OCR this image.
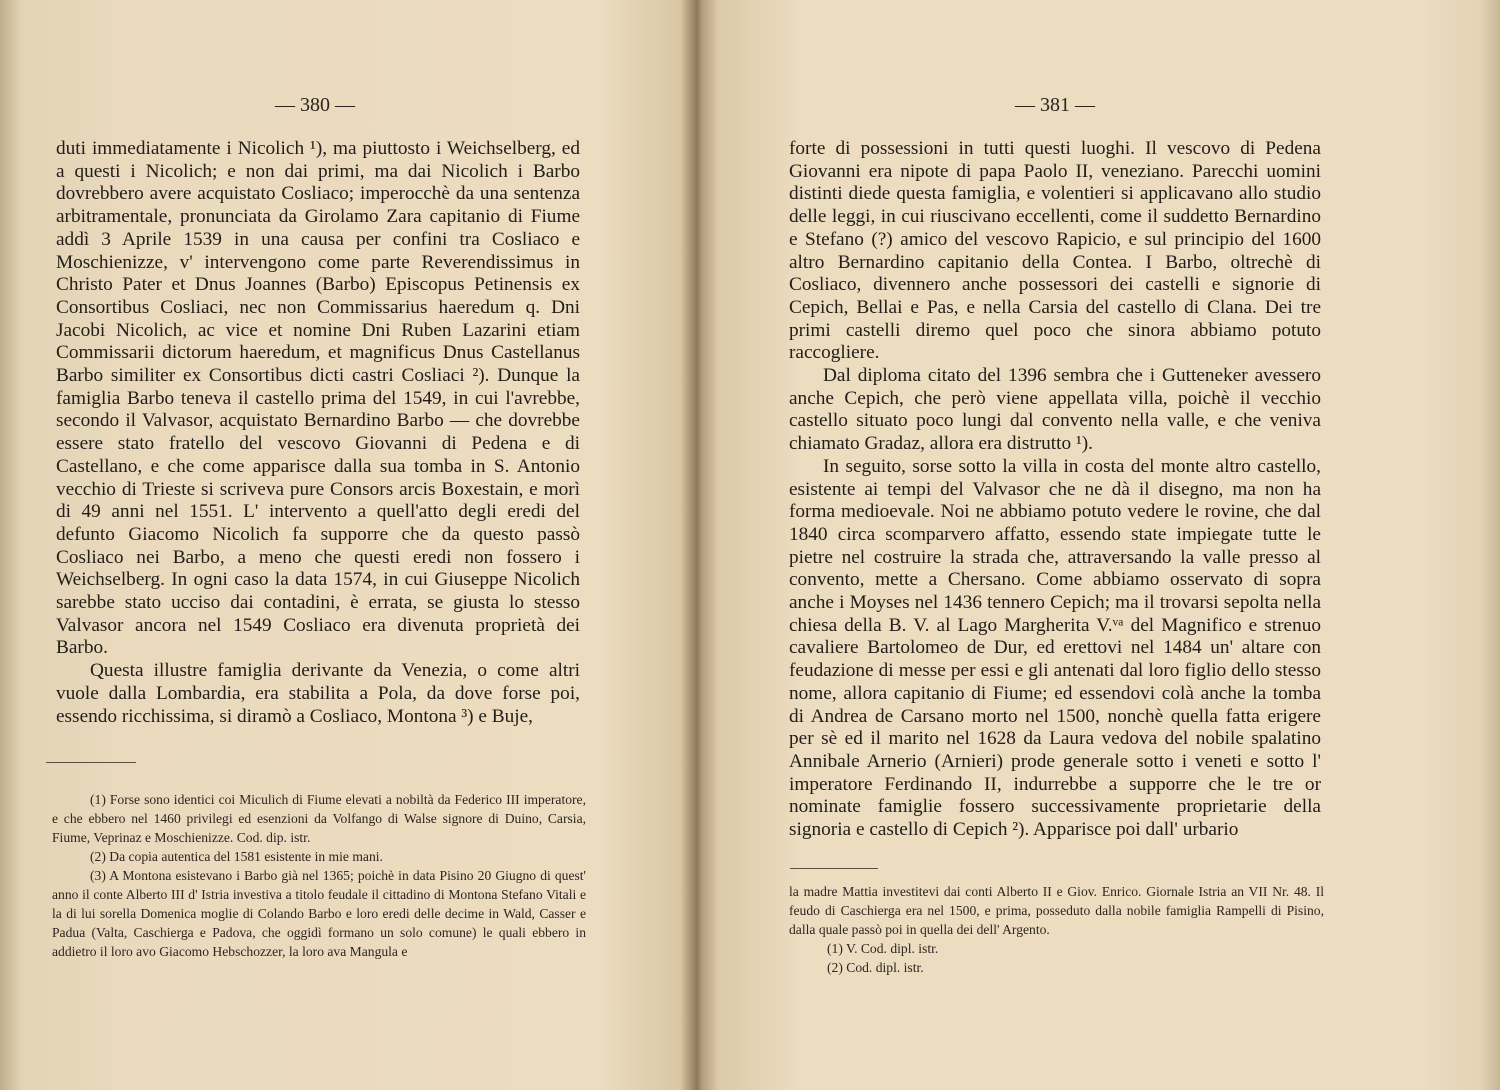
— 380 —

duti immediatamente i Nicolich ¹), ma piuttosto i Weichselberg, ed a questi i Nicolich; e non dai primi, ma dai Nicolich i Barbo dovrebbero avere acquistato Cosliaco; imperocchè da una sentenza arbitramentale, pronunciata da Girolamo Zara capitanio di Fiume addì 3 Aprile 1539 in una causa per confini tra Cosliaco e Moschienizze, v' intervengono come parte Reverendissimus in Christo Pater et Dnus Joannes (Barbo) Episcopus Petinensis ex Consortibus Cosliaci, nec non Commissarius haeredum q. Dni Jacobi Nicolich, ac vice et nomine Dni Ruben Lazarini etiam Commissarii dictorum haeredum, et magnificus Dnus Castellanus Barbo similiter ex Consortibus dicti castri Cosliaci ²). Dunque la famiglia Barbo teneva il castello prima del 1549, in cui l'avrebbe, secondo il Valvasor, acquistato Bernardino Barbo — che dovrebbe essere stato fratello del vescovo Giovanni di Pedena e di Castellano, e che come apparisce dalla sua tomba in S. Antonio vecchio di Trieste si scriveva pure Consors arcis Boxestain, e morì di 49 anni nel 1551. L' intervento a quell'atto degli eredi del defunto Giacomo Nicolich fa supporre che da questo passò Cosliaco nei Barbo, a meno che questi eredi non fossero i Weichselberg. In ogni caso la data 1574, in cui Giuseppe Nicolich sarebbe stato ucciso dai contadini, è errata, se giusta lo stesso Valvasor ancora nel 1549 Cosliaco era divenuta proprietà dei Barbo.

Questa illustre famiglia derivante da Venezia, o come altri vuole dalla Lombardia, era stabilita a Pola, da dove forse poi, essendo ricchissima, si diramò a Cosliaco, Montona ³) e Buje,

(1) Forse sono identici coi Miculich di Fiume elevati a nobiltà da Federico III imperatore, e che ebbero nel 1460 privilegi ed esenzioni da Volfango di Walse signore di Duino, Carsia, Fiume, Veprinaz e Moschienizze. Cod. dip. istr.

(2) Da copia autentica del 1581 esistente in mie mani.

(3) A Montona esistevano i Barbo già nel 1365; poichè in data Pisino 20 Giugno di quest' anno il conte Alberto III d' Istria investiva a titolo feudale il cittadino di Montona Stefano Vitali e la di lui sorella Domenica moglie di Colando Barbo e loro eredi delle decime in Wald, Casser e Padua (Valta, Caschierga e Padova, che oggidì formano un solo comune) le quali ebbero in addietro il loro avo Giacomo Hebschozzer, la loro ava Mangula e

— 381 —

forte di possessioni in tutti questi luoghi. Il vescovo di Pedena Giovanni era nipote di papa Paolo II, veneziano. Parecchi uomini distinti diede questa famiglia, e volentieri si applicavano allo studio delle leggi, in cui riuscivano eccellenti, come il suddetto Bernardino e Stefano (?) amico del vescovo Rapicio, e sul principio del 1600 altro Bernardino capitanio della Contea. I Barbo, oltrechè di Cosliaco, divennero anche possessori dei castelli e signorie di Cepich, Bellai e Pas, e nella Carsia del castello di Clana. Dei tre primi castelli diremo quel poco che sinora abbiamo potuto raccogliere.

Dal diploma citato del 1396 sembra che i Gutteneker avessero anche Cepich, che però viene appellata villa, poichè il vecchio castello situato poco lungi dal convento nella valle, e che veniva chiamato Gradaz, allora era distrutto ¹).

In seguito, sorse sotto la villa in costa del monte altro castello, esistente ai tempi del Valvasor che ne dà il disegno, ma non ha forma medioevale. Noi ne abbiamo potuto vedere le rovine, che dal 1840 circa scomparvero affatto, essendo state impiegate tutte le pietre nel costruire la strada che, attraversando la valle presso al convento, mette a Chersano. Come abbiamo osservato di sopra anche i Moyses nel 1436 tennero Cepich; ma il trovarsi sepolta nella chiesa della B. V. al Lago Margherita V.ᵛᵃ del Magnifico e strenuo cavaliere Bartolomeo de Dur, ed erettovi nel 1484 un' altare con feudazione di messe per essi e gli antenati dal loro figlio dello stesso nome, allora capitanio di Fiume; ed essendovi colà anche la tomba di Andrea de Carsano morto nel 1500, nonchè quella fatta erigere per sè ed il marito nel 1628 da Laura vedova del nobile spalatino Annibale Arnerio (Arnieri) prode generale sotto i veneti e sotto l' imperatore Ferdinando II, indurrebbe a supporre che le tre or nominate famiglie fossero successivamente proprietarie della signoria e castello di Cepich ²). Apparisce poi dall' urbario

la madre Mattia investitevi dai conti Alberto II e Giov. Enrico. Giornale Istria an VII Nr. 48. Il feudo di Caschierga era nel 1500, e prima, posseduto dalla nobile famiglia Rampelli di Pisino, dalla quale passò poi in quella dei dell' Argento.

(1) V. Cod. dipl. istr.

(2) Cod. dipl. istr.
